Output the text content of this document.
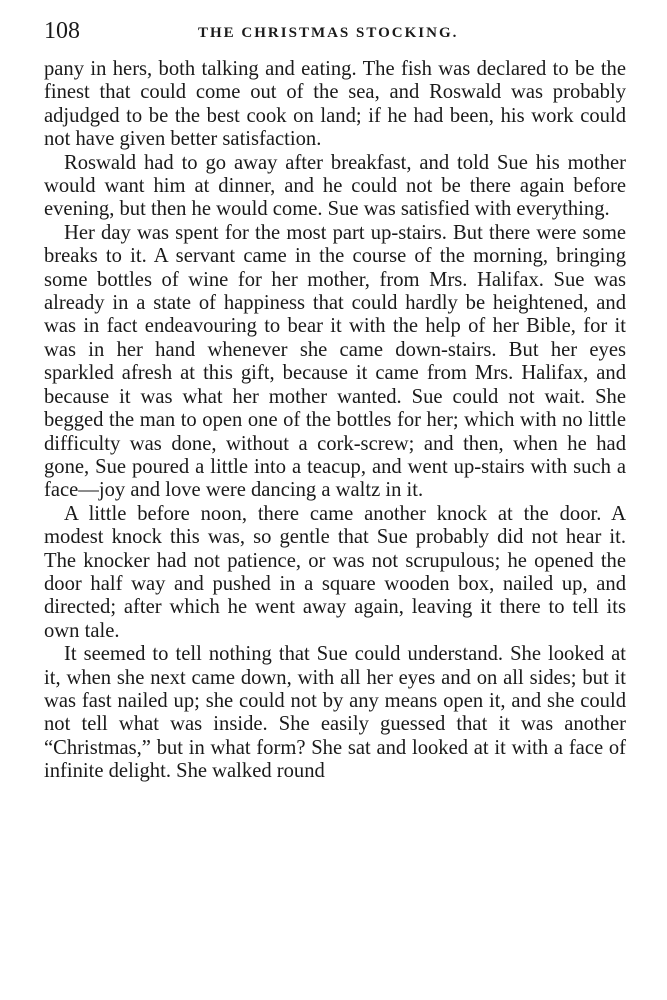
108	THE CHRISTMAS STOCKING.

pany in hers, both talking and eating. The fish was declared to be the finest that could come out of the sea, and Roswald was probably adjudged to be the best cook on land; if he had been, his work could not have given better satisfaction.

Roswald had to go away after breakfast, and told Sue his mother would want him at dinner, and he could not be there again before evening, but then he would come. Sue was satisfied with everything.

Her day was spent for the most part up-stairs. But there were some breaks to it. A servant came in the course of the morning, bringing some bottles of wine for her mother, from Mrs. Halifax. Sue was already in a state of happiness that could hardly be heightened, and was in fact endeavouring to bear it with the help of her Bible, for it was in her hand whenever she came down-stairs. But her eyes sparkled afresh at this gift, because it came from Mrs. Halifax, and because it was what her mother wanted. Sue could not wait. She begged the man to open one of the bottles for her; which with no little difficulty was done, without a cork-screw; and then, when he had gone, Sue poured a little into a teacup, and went up-stairs with such a face—joy and love were dancing a waltz in it.

A little before noon, there came another knock at the door. A modest knock this was, so gentle that Sue probably did not hear it. The knocker had not patience, or was not scrupulous; he opened the door half way and pushed in a square wooden box, nailed up, and directed; after which he went away again, leaving it there to tell its own tale.

It seemed to tell nothing that Sue could understand. She looked at it, when she next came down, with all her eyes and on all sides; but it was fast nailed up; she could not by any means open it, and she could not tell what was inside. She easily guessed that it was another “Christmas,” but in what form? She sat and looked at it with a face of infinite delight. She walked round
